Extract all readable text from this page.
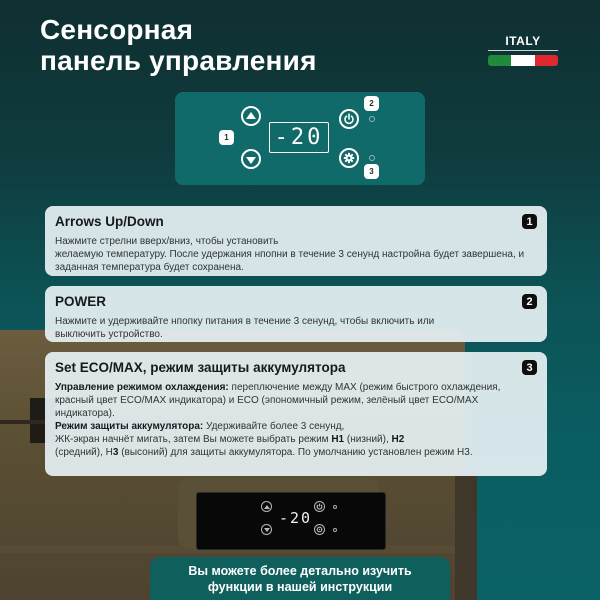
Сенсорная
панель управления
ITALY
1 -20
2
3
-20
Arrows Up/Down

Нажмите стрелни вверх/вниз, чтобы установить
желаемую температуру. После удержания нпопни в течение 3 сенунд настройна будет завершена, и заданная температура будет сохранена.

1
POWER

Нажмите и удерживайте нпопку питания в течение 3 сенунд, чтобы включить или выключить устройство.

2
Set ECO/MAX, режим защиты аккумулятора

Управление режимом охлаждения: переплючение между MAX (режим быстрого охлаждения, красный цвет ECO/MAX индикатора) и ECO (эпономичный режим, зелёный цвет ECO/MAX индикатора).
Режим защиты аккумулятора: Удерживайте более 3 сенунд,
ЖК-экран начнёт мигать, затем Вы можете выбрать режим H1 (низний), H2
(средний), Н3 (высоний) для защиты аккумулятора. По умолчанию установлен режим Н3.

3
Вы можете более детально изучить
функции в нашей инструкции
